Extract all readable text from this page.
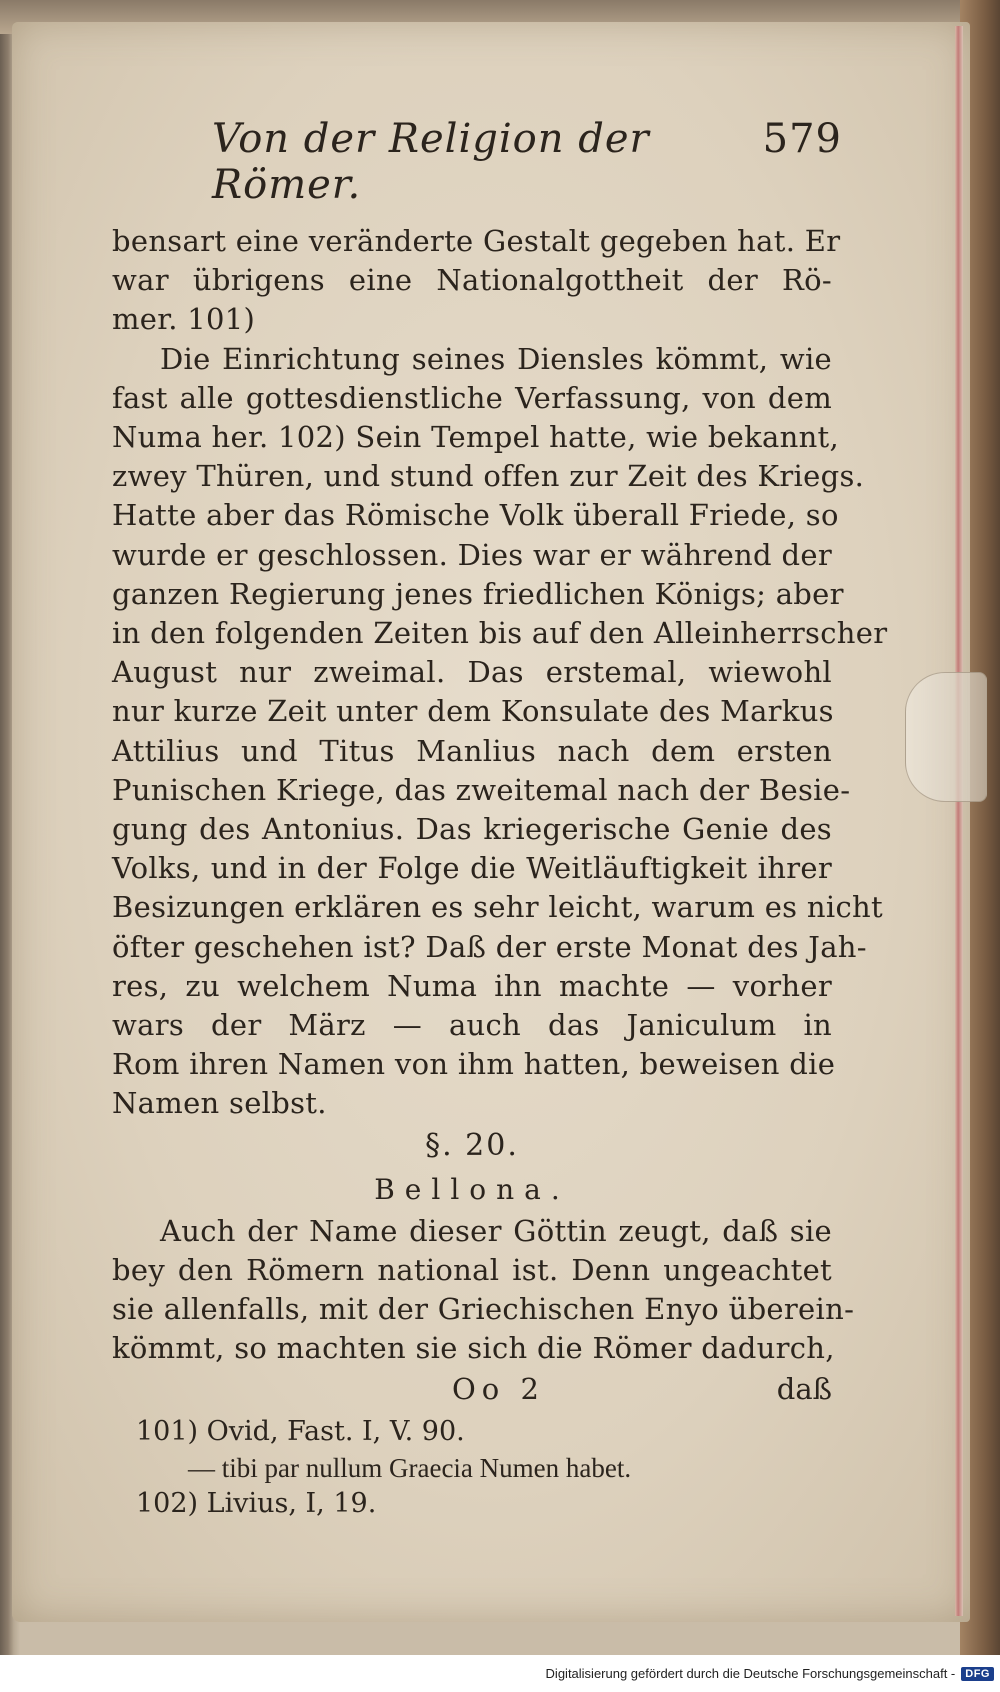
Von der Religion der Römer.
579
bensart eine veränderte Gestalt gegeben hat. Er
war übrigens eine Nationalgottheit der Rö-
mer. 101)
Die Einrichtung seines Diensles kömmt, wie
fast alle gottesdienstliche Verfassung, von dem
Numa her. 102) Sein Tempel hatte, wie bekannt,
zwey Thüren, und stund offen zur Zeit des Kriegs.
Hatte aber das Römische Volk überall Friede, so
wurde er geschlossen. Dies war er während der
ganzen Regierung jenes friedlichen Königs; aber
in den folgenden Zeiten bis auf den Alleinherrscher
August nur zweimal. Das erstemal, wiewohl
nur kurze Zeit unter dem Konsulate des Markus
Attilius und Titus Manlius nach dem ersten
Punischen Kriege, das zweitemal nach der Besie-
gung des Antonius. Das kriegerische Genie des
Volks, und in der Folge die Weitläuftigkeit ihrer
Besizungen erklären es sehr leicht, warum es nicht
öfter geschehen ist? Daß der erste Monat des Jah-
res, zu welchem Numa ihn machte — vorher
wars der März — auch das Janiculum in
Rom ihren Namen von ihm hatten, beweisen die
Namen selbst.
§. 20.
Bellona.
Auch der Name dieser Göttin zeugt, daß sie
bey den Römern national ist. Denn ungeachtet
sie allenfalls, mit der Griechischen Enyo überein-
kömmt, so machten sie sich die Römer dadurch,
Oo 2	daß
101) Ovid, Fast. I, V. 90.
— tibi par nullum Graecia Numen habet.
102) Livius, I, 19.
Digitalisierung gefördert durch die Deutsche Forschungsgemeinschaft - DFG
